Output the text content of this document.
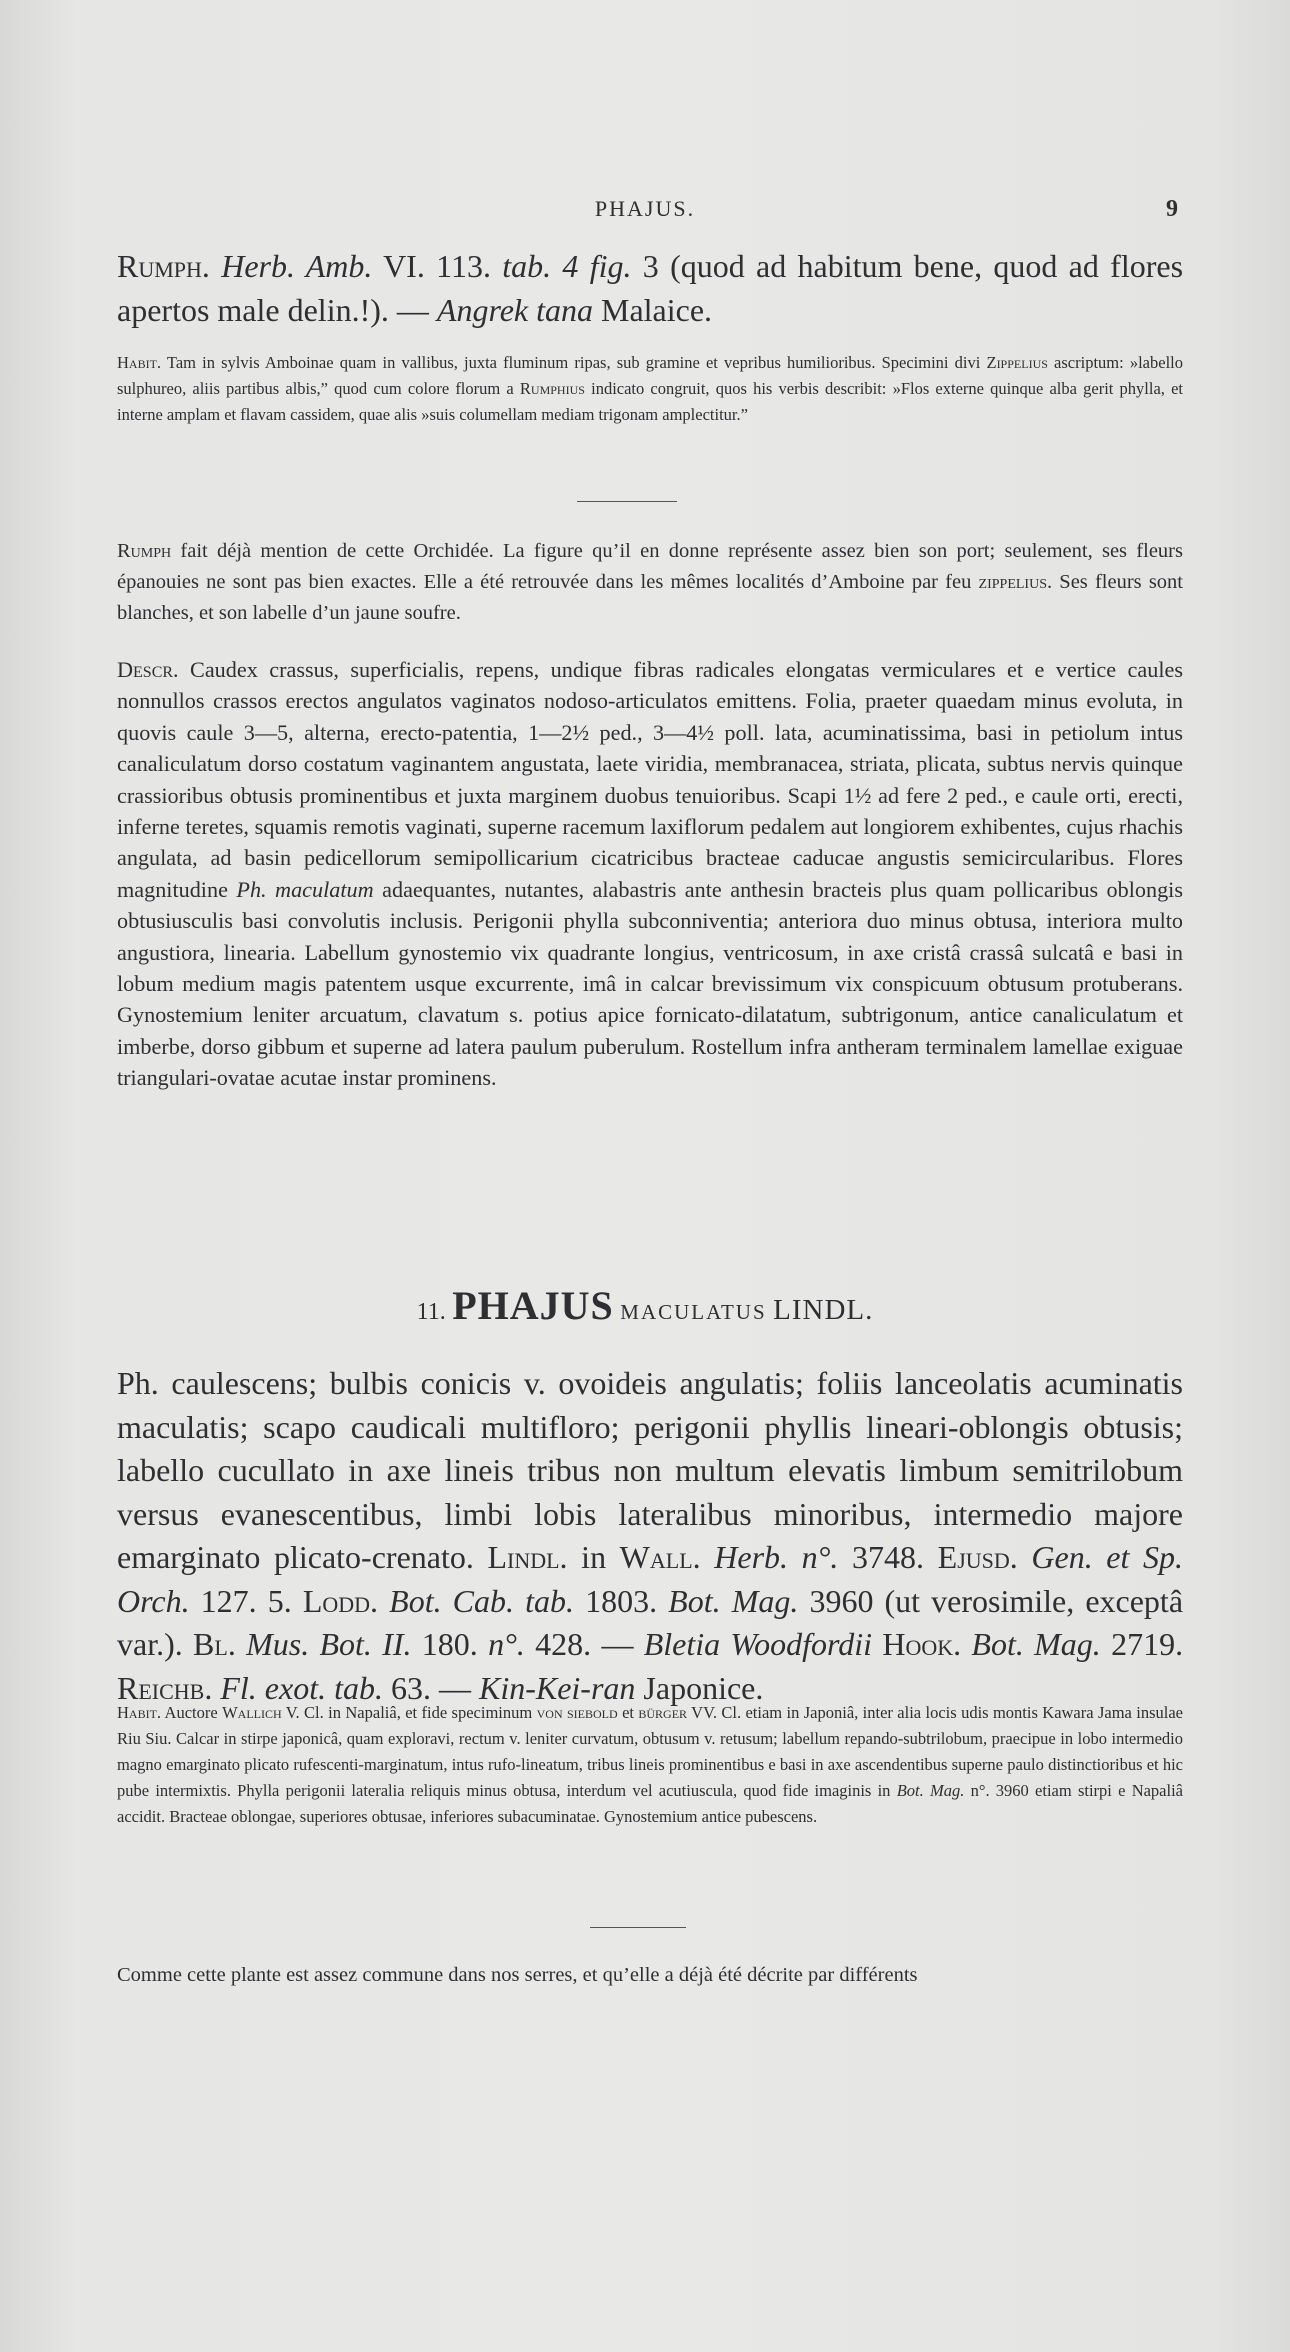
PHAJUS.	9

Rumph. Herb. Amb. VI. 113. tab. 4 fig. 3 (quod ad habitum bene, quod ad flores apertos male delin.!). — Angrek tana Malaice.

Habit. Tam in sylvis Amboinae quam in vallibus, juxta fluminum ripas, sub gramine et vepribus humilioribus. Specimini divi Zippelius ascriptum: »labello sulphureo, aliis partibus albis,” quod cum colore florum a Rumphius indicato congruit, quos his verbis describit: »Flos externe quinque alba gerit phylla, et interne amplam et flavam cassidem, quae alis »suis columellam mediam trigonam amplectitur.”

Rumph fait déjà mention de cette Orchidée. La figure qu’il en donne représente assez bien son port; seulement, ses fleurs épanouies ne sont pas bien exactes. Elle a été retrouvée dans les mêmes localités d’Amboine par feu zippelius. Ses fleurs sont blanches, et son labelle d’un jaune soufre.

Descr. Caudex crassus, superficialis, repens, undique fibras radicales elongatas vermiculares et e vertice caules nonnullos crassos erectos angulatos vaginatos nodoso-articulatos emittens. Folia, praeter quaedam minus evoluta, in quovis caule 3—5, alterna, erecto-patentia, 1—2½ ped., 3—4½ poll. lata, acuminatissima, basi in petiolum intus canaliculatum dorso costatum vaginantem angustata, laete viridia, membranacea, striata, plicata, subtus nervis quinque crassioribus obtusis prominentibus et juxta marginem duobus tenuioribus. Scapi 1½ ad fere 2 ped., e caule orti, erecti, inferne teretes, squamis remotis vaginati, superne racemum laxiflorum pedalem aut longiorem exhibentes, cujus rhachis angulata, ad basin pedicellorum semipollicarium cicatricibus bracteae caducae angustis semicircularibus. Flores magnitudine Ph. maculatum adaequantes, nutantes, alabastris ante anthesin bracteis plus quam pollicaribus oblongis obtusiusculis basi convolutis inclusis. Perigonii phylla subconniventia; anteriora duo minus obtusa, interiora multo angustiora, linearia. Labellum gynostemio vix quadrante longius, ventricosum, in axe cristâ crassâ sulcatâ e basi in lobum medium magis patentem usque excurrente, imâ in calcar brevissimum vix conspicuum obtusum protuberans. Gynostemium leniter arcuatum, clavatum s. potius apice fornicato-dilatatum, subtrigonum, antice canaliculatum et imberbe, dorso gibbum et superne ad latera paulum puberulum. Rostellum infra antheram terminalem lamellae exiguae triangulari-ovatae acutae instar prominens.

11. PHAJUS MACULATUS LINDL.

Ph. caulescens; bulbis conicis v. ovoideis angulatis; foliis lanceolatis acuminatis maculatis; scapo caudicali multifloro; perigonii phyllis lineari-oblongis obtusis; labello cucullato in axe lineis tribus non multum elevatis limbum semitrilobum versus evanescentibus, limbi lobis lateralibus minoribus, intermedio majore emarginato plicato-crenato. Lindl. in Wall. Herb. n°. 3748. Ejusd. Gen. et Sp. Orch. 127. 5. Lodd. Bot. Cab. tab. 1803. Bot. Mag. 3960 (ut verosimile, exceptâ var.). Bl. Mus. Bot. II. 180. n°. 428. — Bletia Woodfordii Hook. Bot. Mag. 2719. Reichb. Fl. exot. tab. 63. — Kin-Kei-ran Japonice.

Habit. Auctore Wallich V. Cl. in Napaliâ, et fide speciminum von siebold et bürger VV. Cl. etiam in Japoniâ, inter alia locis udis montis Kawara Jama insulae Riu Siu. Calcar in stirpe japonicâ, quam exploravi, rectum v. leniter curvatum, obtusum v. retusum; labellum repando-subtrilobum, praecipue in lobo intermedio magno emarginato plicato rufescenti-marginatum, intus rufo-lineatum, tribus lineis prominentibus e basi in axe ascendentibus superne paulo distinctioribus et hic pube intermixtis. Phylla perigonii lateralia reliquis minus obtusa, interdum vel acutiuscula, quod fide imaginis in Bot. Mag. n°. 3960 etiam stirpi e Napaliâ accidit. Bracteae oblongae, superiores obtusae, inferiores subacuminatae. Gynostemium antice pubescens.

Comme cette plante est assez commune dans nos serres, et qu’elle a déjà été décrite par différents
